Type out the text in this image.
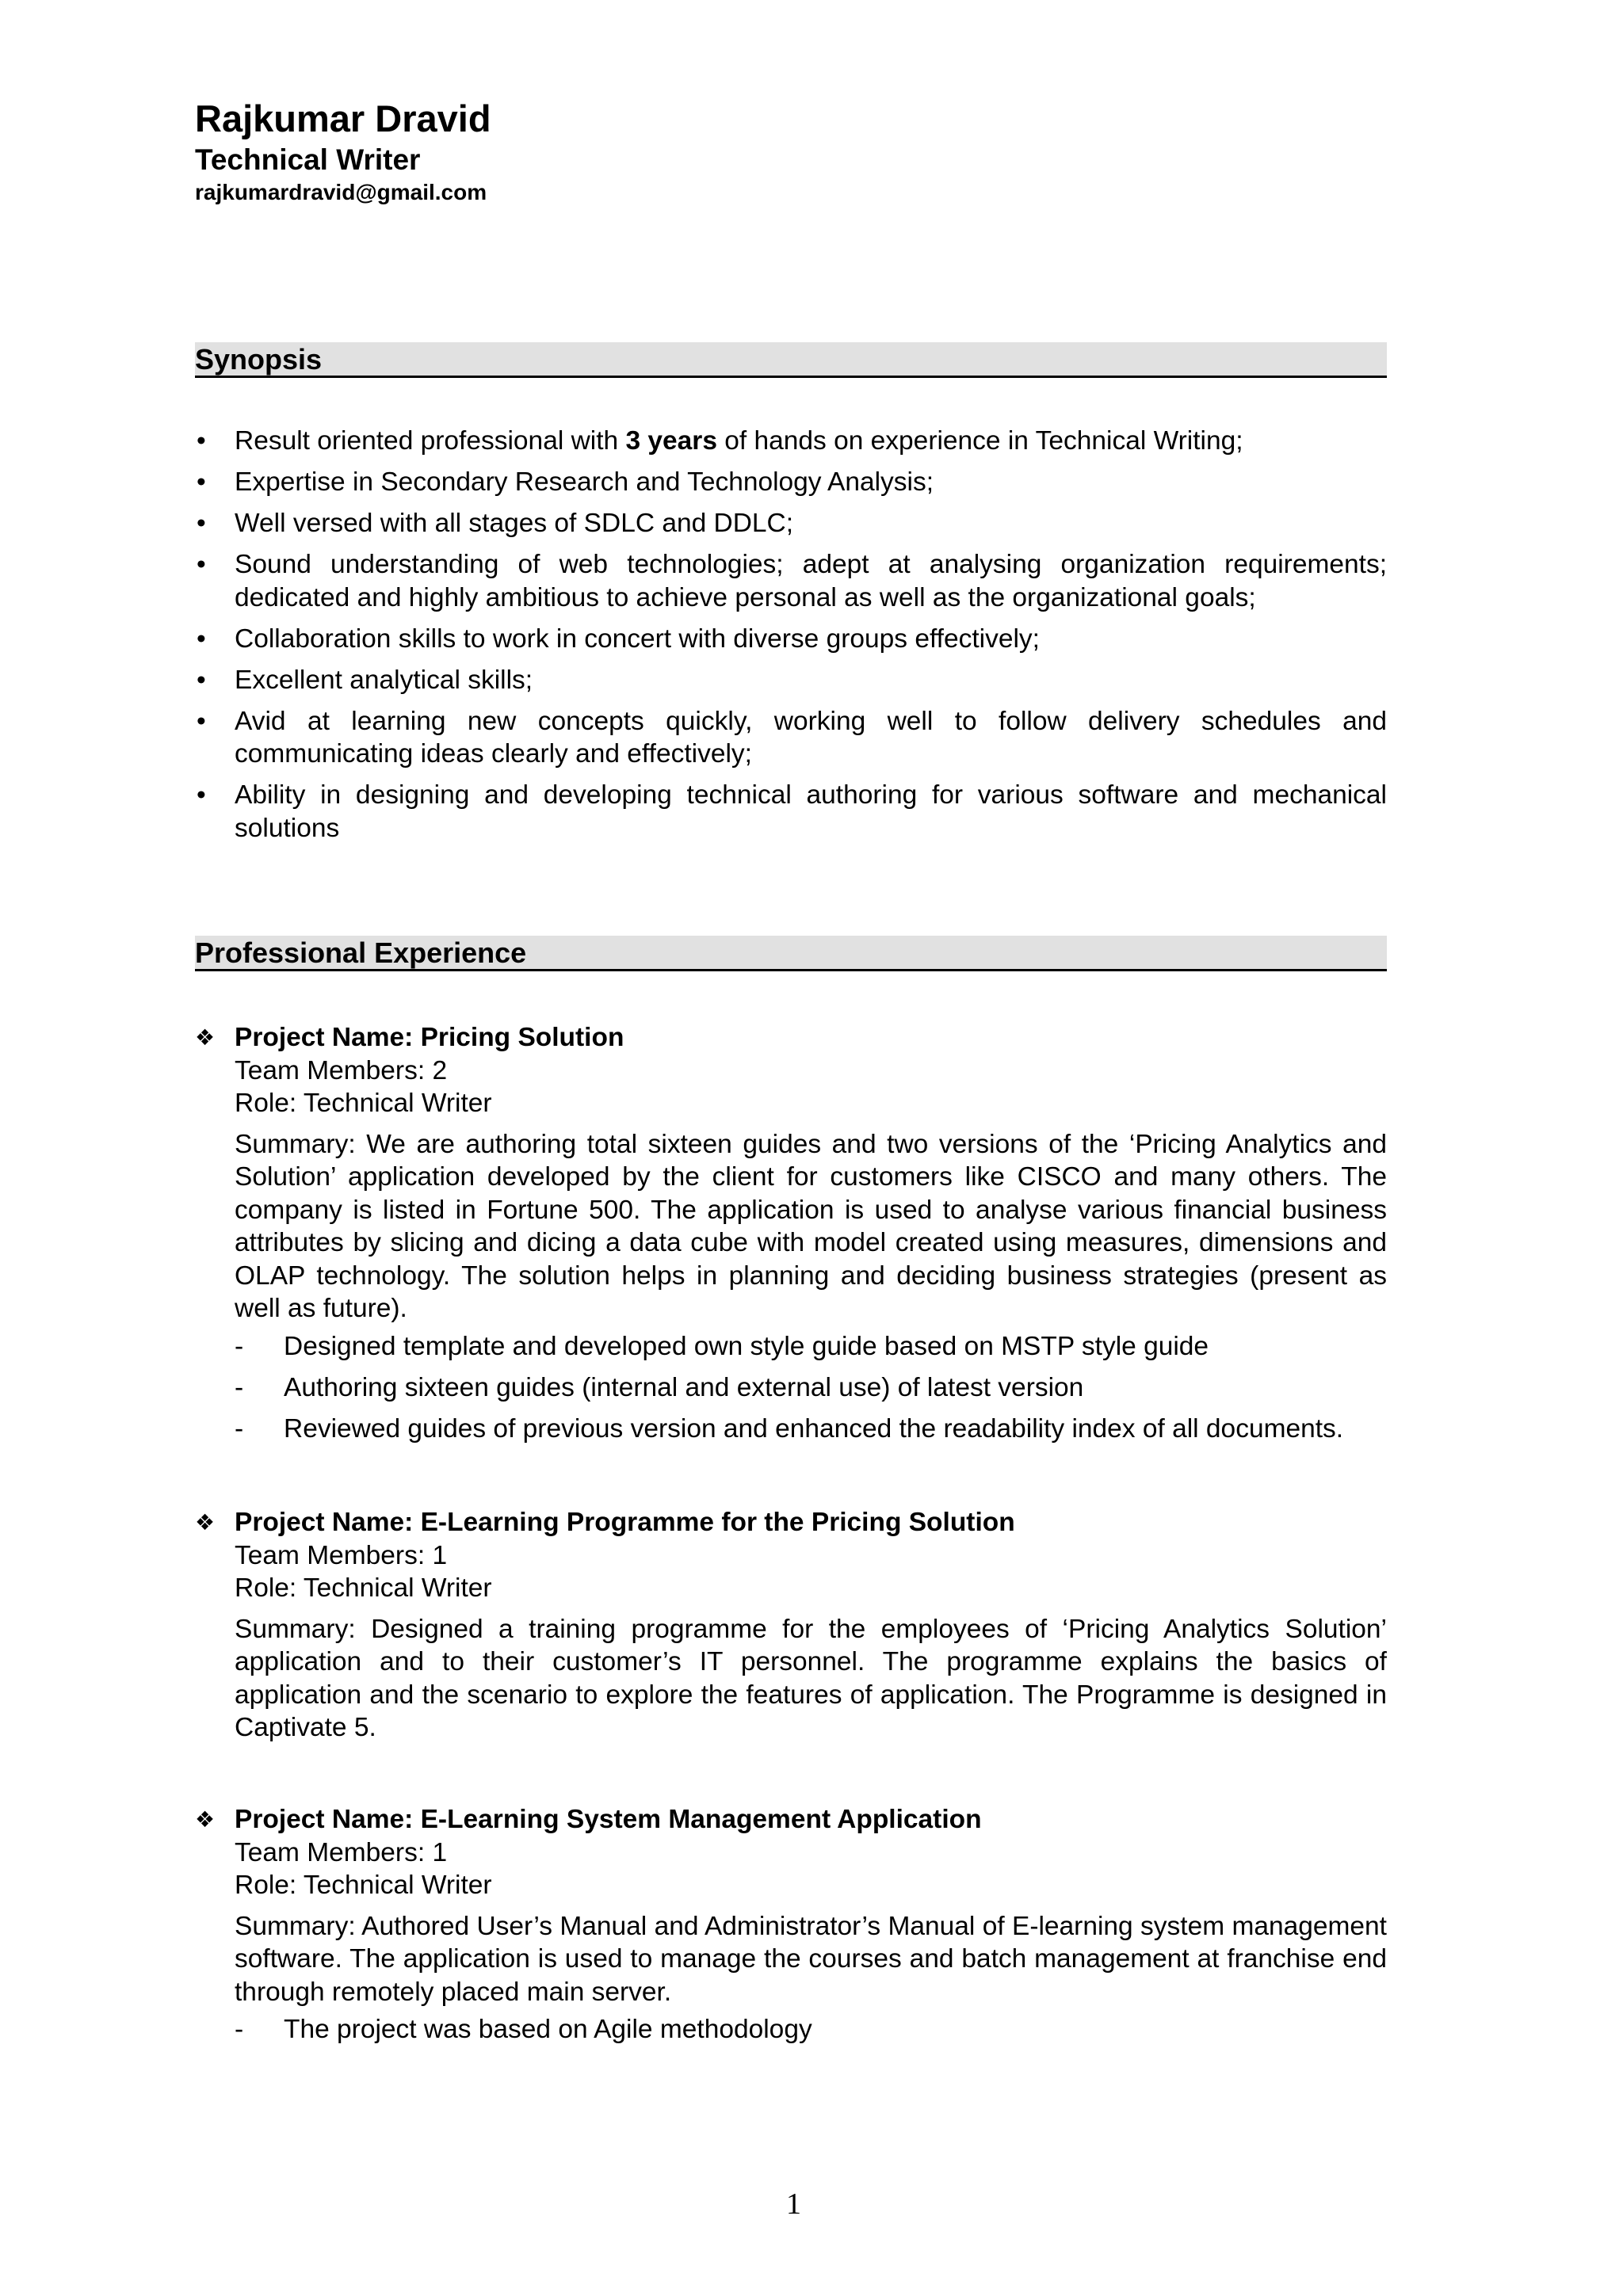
Rajkumar Dravid
Technical Writer
rajkumardravid@gmail.com
Synopsis
• Result oriented professional with 3 years of hands on experience in Technical Writing;
• Expertise in Secondary Research and Technology Analysis;
• Well versed with all stages of SDLC and DDLC;
• Sound understanding of web technologies; adept at analysing organization requirements; dedicated and highly ambitious to achieve personal as well as the organizational goals;
• Collaboration skills to work in concert with diverse groups effectively;
• Excellent analytical skills;
• Avid at learning new concepts quickly, working well to follow delivery schedules and communicating ideas clearly and effectively;
• Ability in designing and developing technical authoring for various software and mechanical solutions
Professional Experience
❖ Project Name: Pricing Solution
Team Members: 2
Role: Technical Writer
Summary: We are authoring total sixteen guides and two versions of the ‘Pricing Analytics and Solution’ application developed by the client for customers like CISCO and many others. The company is listed in Fortune 500. The application is used to analyse various financial business attributes by slicing and dicing a data cube with model created using measures, dimensions and OLAP technology. The solution helps in planning and deciding business strategies (present as well as future).
- Designed template and developed own style guide based on MSTP style guide
- Authoring sixteen guides (internal and external use) of latest version
- Reviewed guides of previous version and enhanced the readability index of all documents.
❖ Project Name: E-Learning Programme for the Pricing Solution
Team Members: 1
Role: Technical Writer
Summary: Designed a training programme for the employees of ‘Pricing Analytics Solution’ application and to their customer’s IT personnel. The programme explains the basics of application and the scenario to explore the features of application. The Programme is designed in Captivate 5.
❖ Project Name: E-Learning System Management Application
Team Members: 1
Role: Technical Writer
Summary: Authored User’s Manual and Administrator’s Manual of E-learning system management software. The application is used to manage the courses and batch management at franchise end through remotely placed main server.
- The project was based on Agile methodology
1
